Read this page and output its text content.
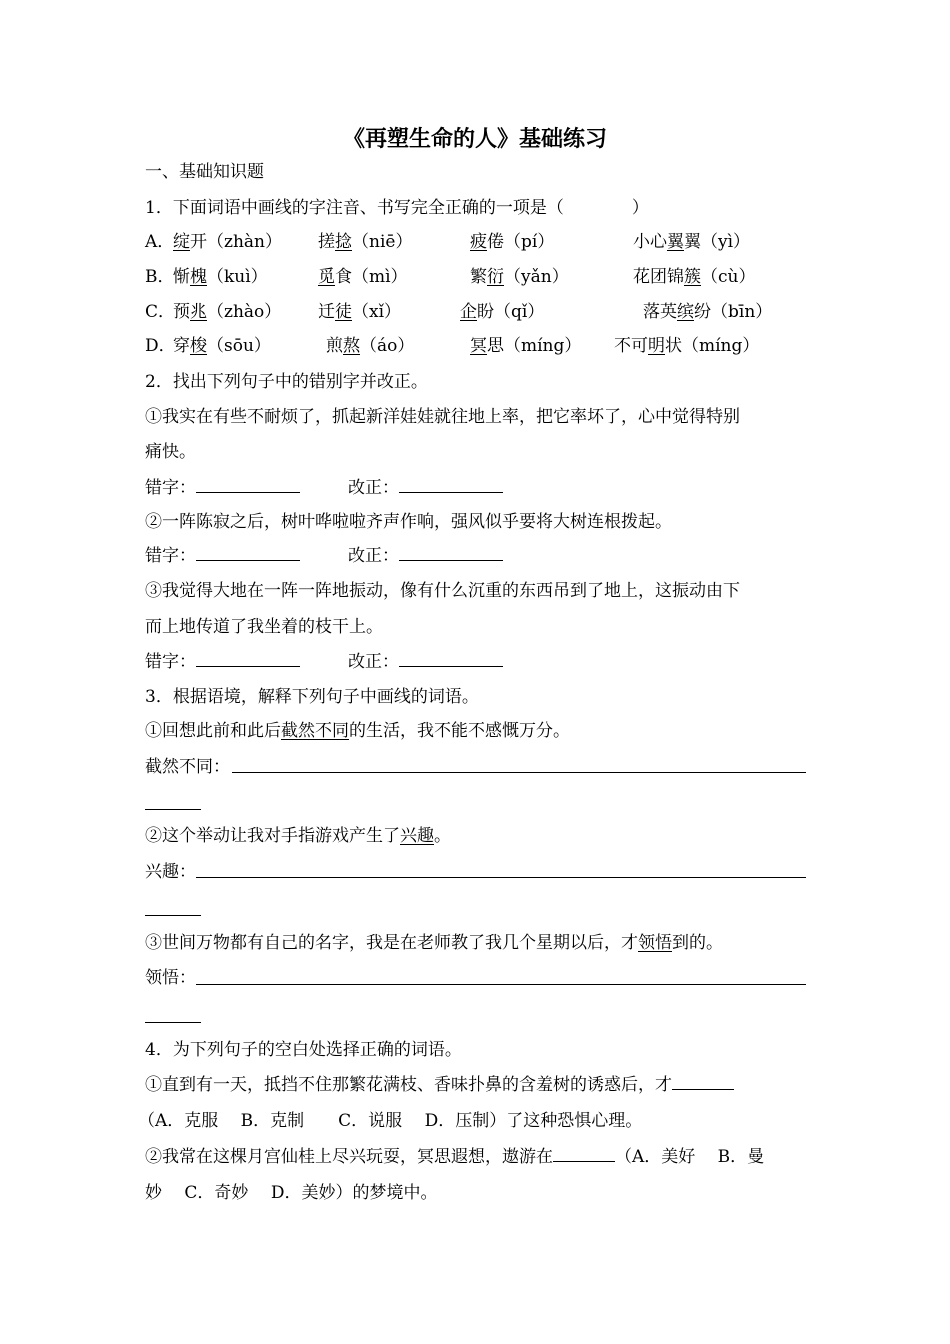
《再塑生命的人》基础练习
一、基础知识题
1．下面词语中画线的字注音、书写完全正确的一项是（　　　　）
A．
绽开（zhàn） 搓捻（niē）	疲倦（pí）	小心翼翼（yì）
B．
惭槐（kuì）	觅食（mì）	繁衍（yǎn）	花团锦簇（cù）
C．
预兆（zhào） 迁徒（xǐ）	企盼（qǐ）	落英缤纷（bīn）
D．
穿梭（sōu）	煎熬（áo）	冥思（míng） 不可明状（míng）
2．找出下列句子中的错别字并改正。
①我实在有些不耐烦了，抓起新洋娃娃就往地上率，把它率坏了，心中觉得特别
痛快。
错字：	改正：
②一阵陈寂之后，树叶哗啦啦齐声作响，强风似乎要将大树连根拨起。
错字：	改正：
③我觉得大地在一阵一阵地振动，像有什么沉重的东西吊到了地上，这振动由下
而上地传道了我坐着的枝干上。
错字：	改正：
3．根据语境，解释下列句子中画线的词语。
①回想此前和此后截然不同的生活，我不能不感慨万分。
截然不同：
②这个举动让我对手指游戏产生了兴趣。
兴趣：
③世间万物都有自己的名字，我是在老师教了我几个星期以后，才领悟到的。
领悟：
4．为下列句子的空白处选择正确的词语。
①直到有一天，抵挡不住那繁花满枝、香味扑鼻的含羞树的诱惑后，才
（A．克服　 B．克制　　C．说服　 D．压制）了这种恐惧心理。
②我常在这棵月宫仙桂上尽兴玩耍，冥思遐想，遨游在	（A．美好　 B．曼
妙　 C．奇妙　 D．美妙）的梦境中。
